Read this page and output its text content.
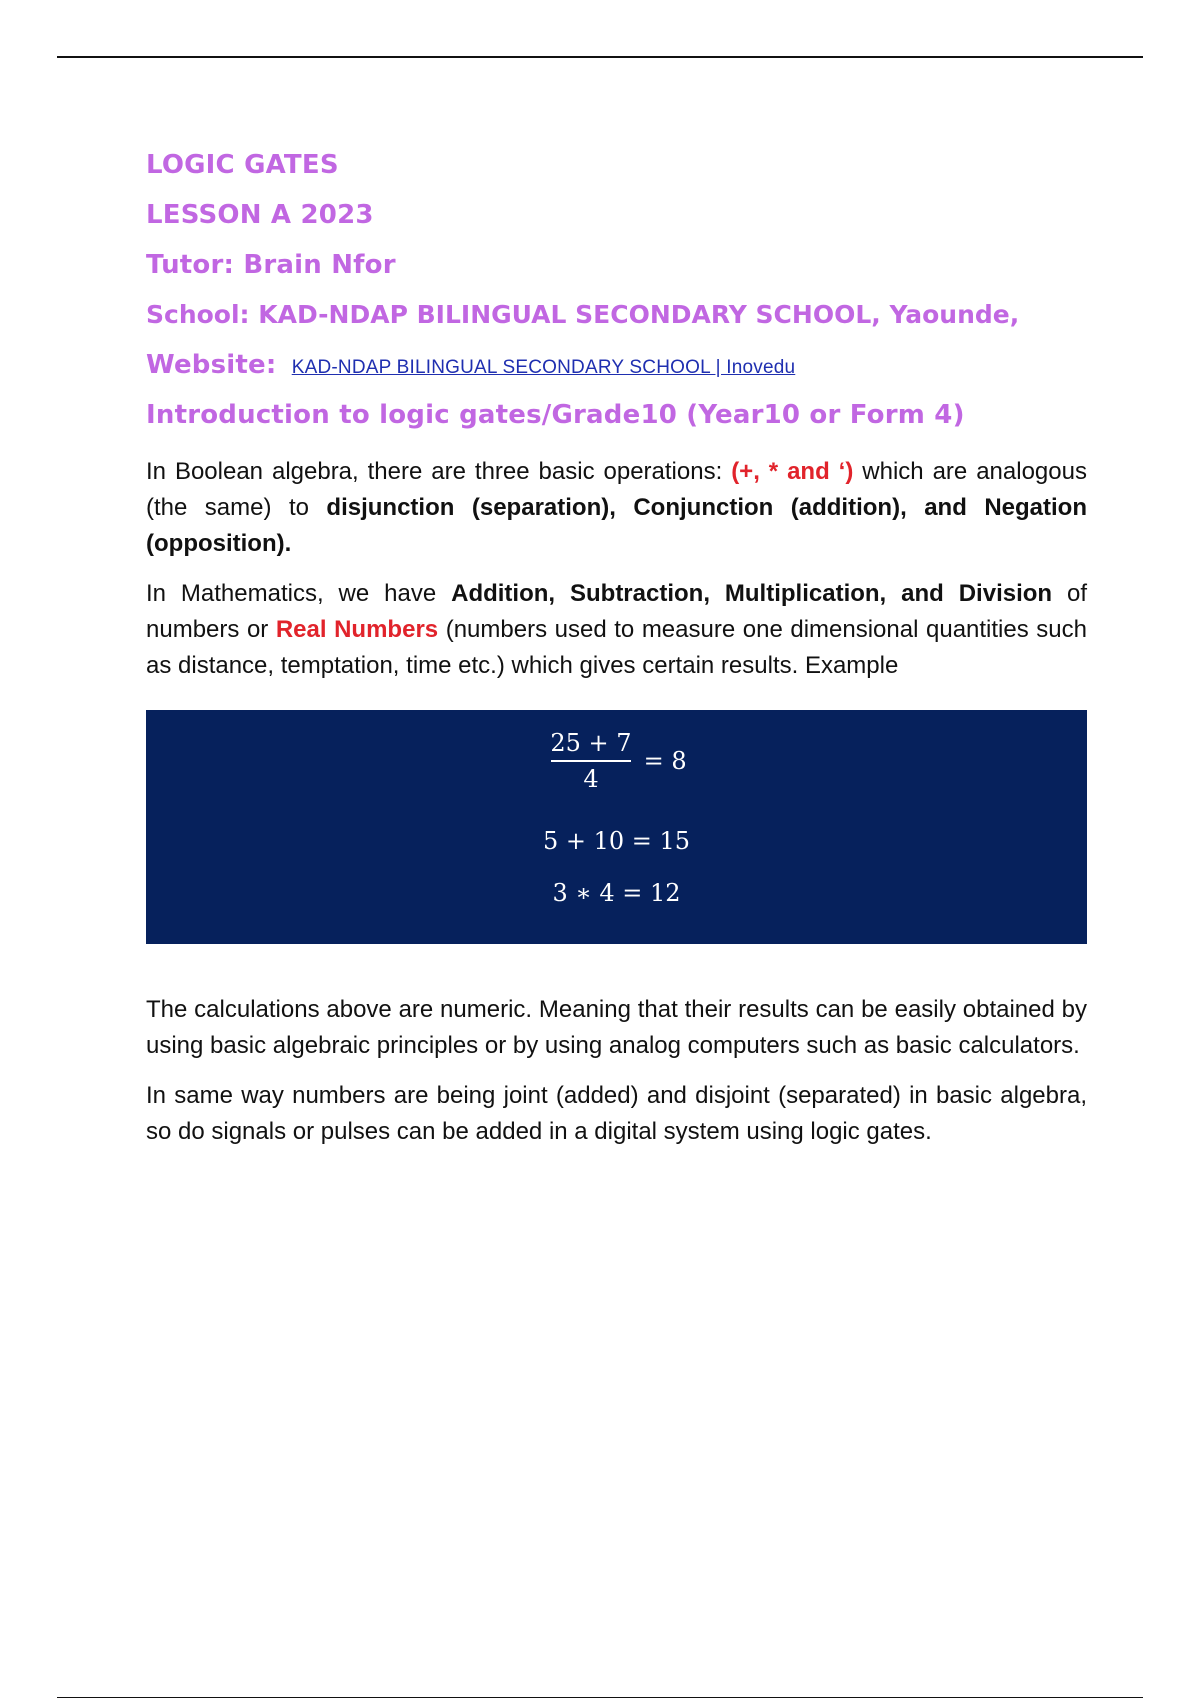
LOGIC GATES
LESSON A 2023
Tutor: Brain Nfor
School: KAD-NDAP BILINGUAL SECONDARY SCHOOL, Yaounde,
Website: KAD-NDAP BILINGUAL SECONDARY SCHOOL | Inovedu
Introduction to logic gates/Grade10 (Year10 or Form 4)

In Boolean algebra, there are three basic operations: (+, * and ‘) which are analogous (the same) to disjunction (separation), Conjunction (addition), and Negation (opposition).

In Mathematics, we have Addition, Subtraction, Multiplication, and Division of numbers or Real Numbers (numbers used to measure one dimensional quantities such as distance, temptation, time etc.) which gives certain results. Example

$\frac{25 + 7}{4} = 8$
5 + 10 = 15
3 ∗ 4 = 12

The calculations above are numeric. Meaning that their results can be easily obtained by using basic algebraic principles or by using analog computers such as basic calculators.

In same way numbers are being joint (added) and disjoint (separated) in basic algebra, so do signals or pulses can be added in a digital system using logic gates.
